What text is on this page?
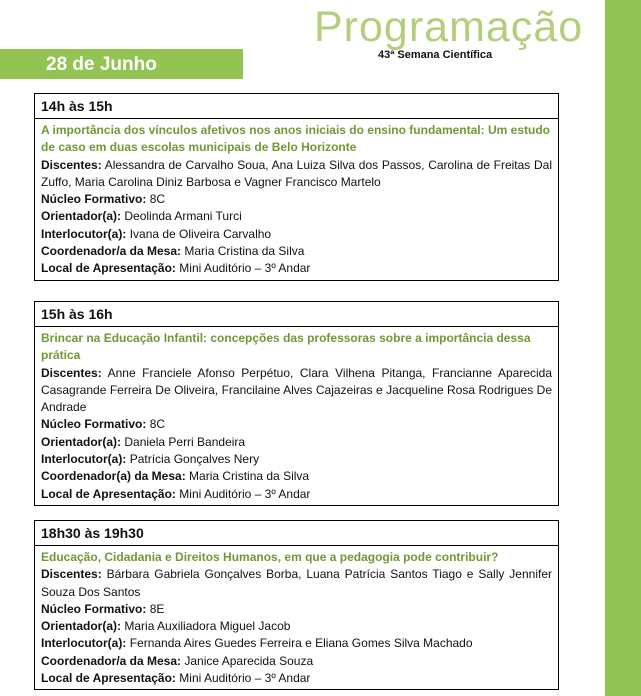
Programação
43ª Semana Científica
28 de Junho
14h às 15h

A importância dos vínculos afetivos nos anos iniciais do ensino fundamental: Um estudo de caso em duas escolas municipais de Belo Horizonte

Discentes: Alessandra de Carvalho Soua, Ana Luiza Silva dos Passos, Carolina de Freitas Dal Zuffo, Maria Carolina Diniz Barbosa e Vagner Francisco Martelo

Núcleo Formativo: 8C

Orientador(a): Deolinda Armani Turci

Interlocutor(a): Ivana de Oliveira Carvalho

Coordenador/a da Mesa: Maria Cristina da Silva

Local de Apresentação: Mini Auditório – 3º Andar

15h às 16h

Brincar na Educação Infantil: concepções das professoras sobre a importância dessa prática

Discentes: Anne Franciele Afonso Perpétuo, Clara Vilhena Pitanga, Francianne Aparecida Casagrande Ferreira De Oliveira, Francilaine Alves Cajazeiras e Jacqueline Rosa Rodrigues De Andrade

Núcleo Formativo: 8C

Orientador(a): Daniela Perri Bandeira

Interlocutor(a): Patrícia Gonçalves Nery

Coordenador(a) da Mesa: Maria Cristina da Silva

Local de Apresentação: Mini Auditório – 3º Andar

18h30 às 19h30

Educação, Cidadania e Direitos Humanos, em que a pedagogia pode contribuir?

Discentes: Bárbara Gabriela Gonçalves Borba, Luana Patrícia Santos Tiago e Sally Jennifer Souza Dos Santos

Núcleo Formativo: 8E

Orientador(a): Maria Auxiliadora Miguel Jacob

Interlocutor(a): Fernanda Aires Guedes Ferreira e Eliana Gomes Silva Machado

Coordenador/a da Mesa: Janice Aparecida Souza

Local de Apresentação: Mini Auditório – 3º Andar
